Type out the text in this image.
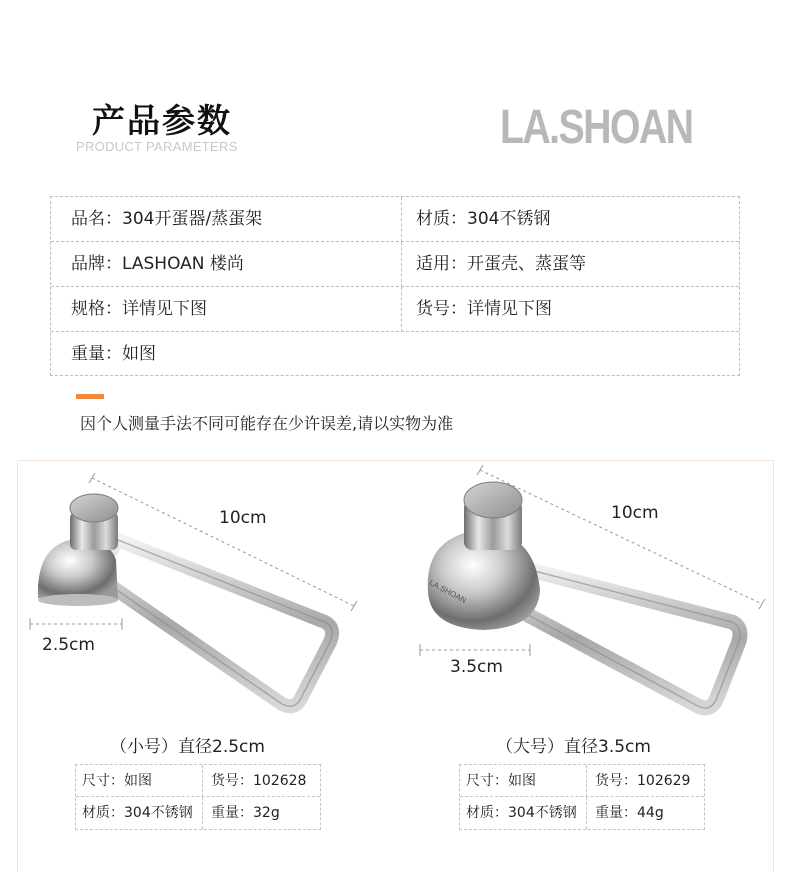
产品参数
PRODUCT PARAMETERS	LA.SHOAN
品名：304开蛋器/蒸蛋架	材质：304不锈钢
品牌：LASHOAN 楼尚	适用：开蛋壳、蒸蛋等
规格：详情见下图	货号：详情见下图
重量：如图
因个人测量手法不同可能存在少许误差,请以实物为准
LA.SHOAN
10cm
2.5cm
（小号）直径2.5cm
尺寸：如图	货号：102628
材质：304不锈钢	重量：32g
10cm
3.5cm
（大号）直径3.5cm
尺寸：如图	货号：102629
材质：304不锈钢	重量：44g
